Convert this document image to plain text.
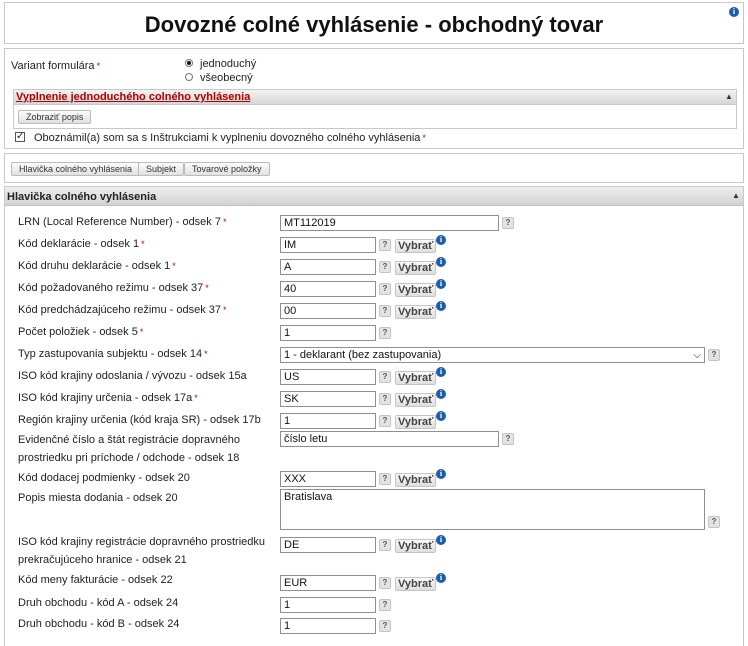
Dovozné colné vyhlásenie - obchodný tovar
i
Variant formulára *	jednoduchý
všeobecný
Vyplnenie jednoduchého colného vyhlásenia	▲
Zobraziť popis
✓ Oboznámil(a) som sa s Inštrukciami k vyplneniu dovozného colného vyhlásenia *
Hlavička colného vyhlásenia	Subjekt	Tovarové položky
Hlavička colného vyhlásenia	▲
LRN (Local Reference Number) - odsek 7 *	MT112019	?
Kód deklarácie - odsek 1 *	IM	? Vybrať
i
Kód druhu deklarácie - odsek 1 *	A	? Vybrať
i
Kód požadovaného režimu - odsek 37 *	40	? Vybrať
i
Kód predchádzajúceho režimu - odsek 37 *	00	? Vybrať
i
Počet položiek - odsek 5 *	1	?
Typ zastupovania subjektu - odsek 14 *	1 - deklarant (bez zastupovania)	⌵	?
ISO kód krajiny odoslania / vývozu - odsek 15a	US	? Vybrať
i
ISO kód krajiny určenia - odsek 17a *	SK	? Vybrať
i
Región krajiny určenia (kód kraja SR) - odsek 17b	1	? Vybrať
i
Evidenčné číslo a štát registrácie dopravného
prostriedku pri príchode / odchode - odsek 18
číslo letu	?
Kód dodacej podmienky - odsek 20	XXX	? Vybrať
i
Popis miesta dodania - odsek 20	Bratislava
?
ISO kód krajiny registrácie dopravného prostriedku
prekračujúceho hranice - odsek 21
DE	? Vybrať
i
Kód meny fakturácie - odsek 22	EUR	? Vybrať
i
Druh obchodu - kód A - odsek 24	1	?
Druh obchodu - kód B - odsek 24	1	?
